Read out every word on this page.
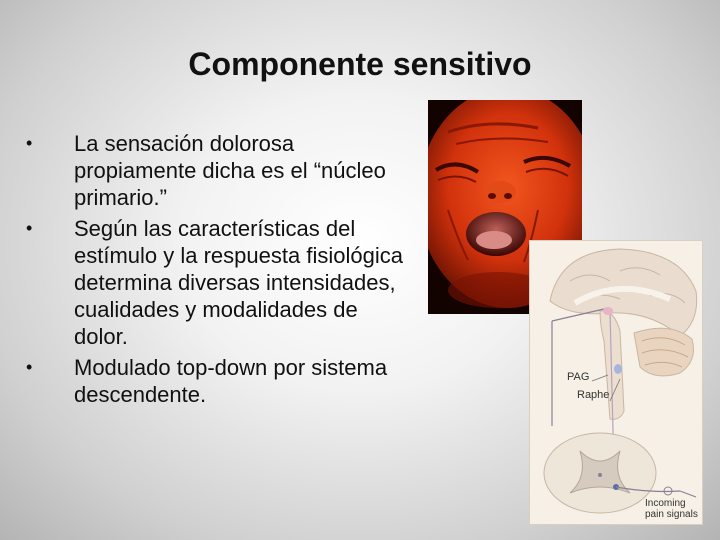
Componente sensitivo
• La sensación dolorosa propiamente dicha es el “núcleo primario.”
• Según las características del estímulo y la respuesta fisiológica determina diversas intensidades, cualidades y modalidades de dolor.
• Modulado top-down por sistema descendente.
PAG
Raphe
Incoming
pain signals
